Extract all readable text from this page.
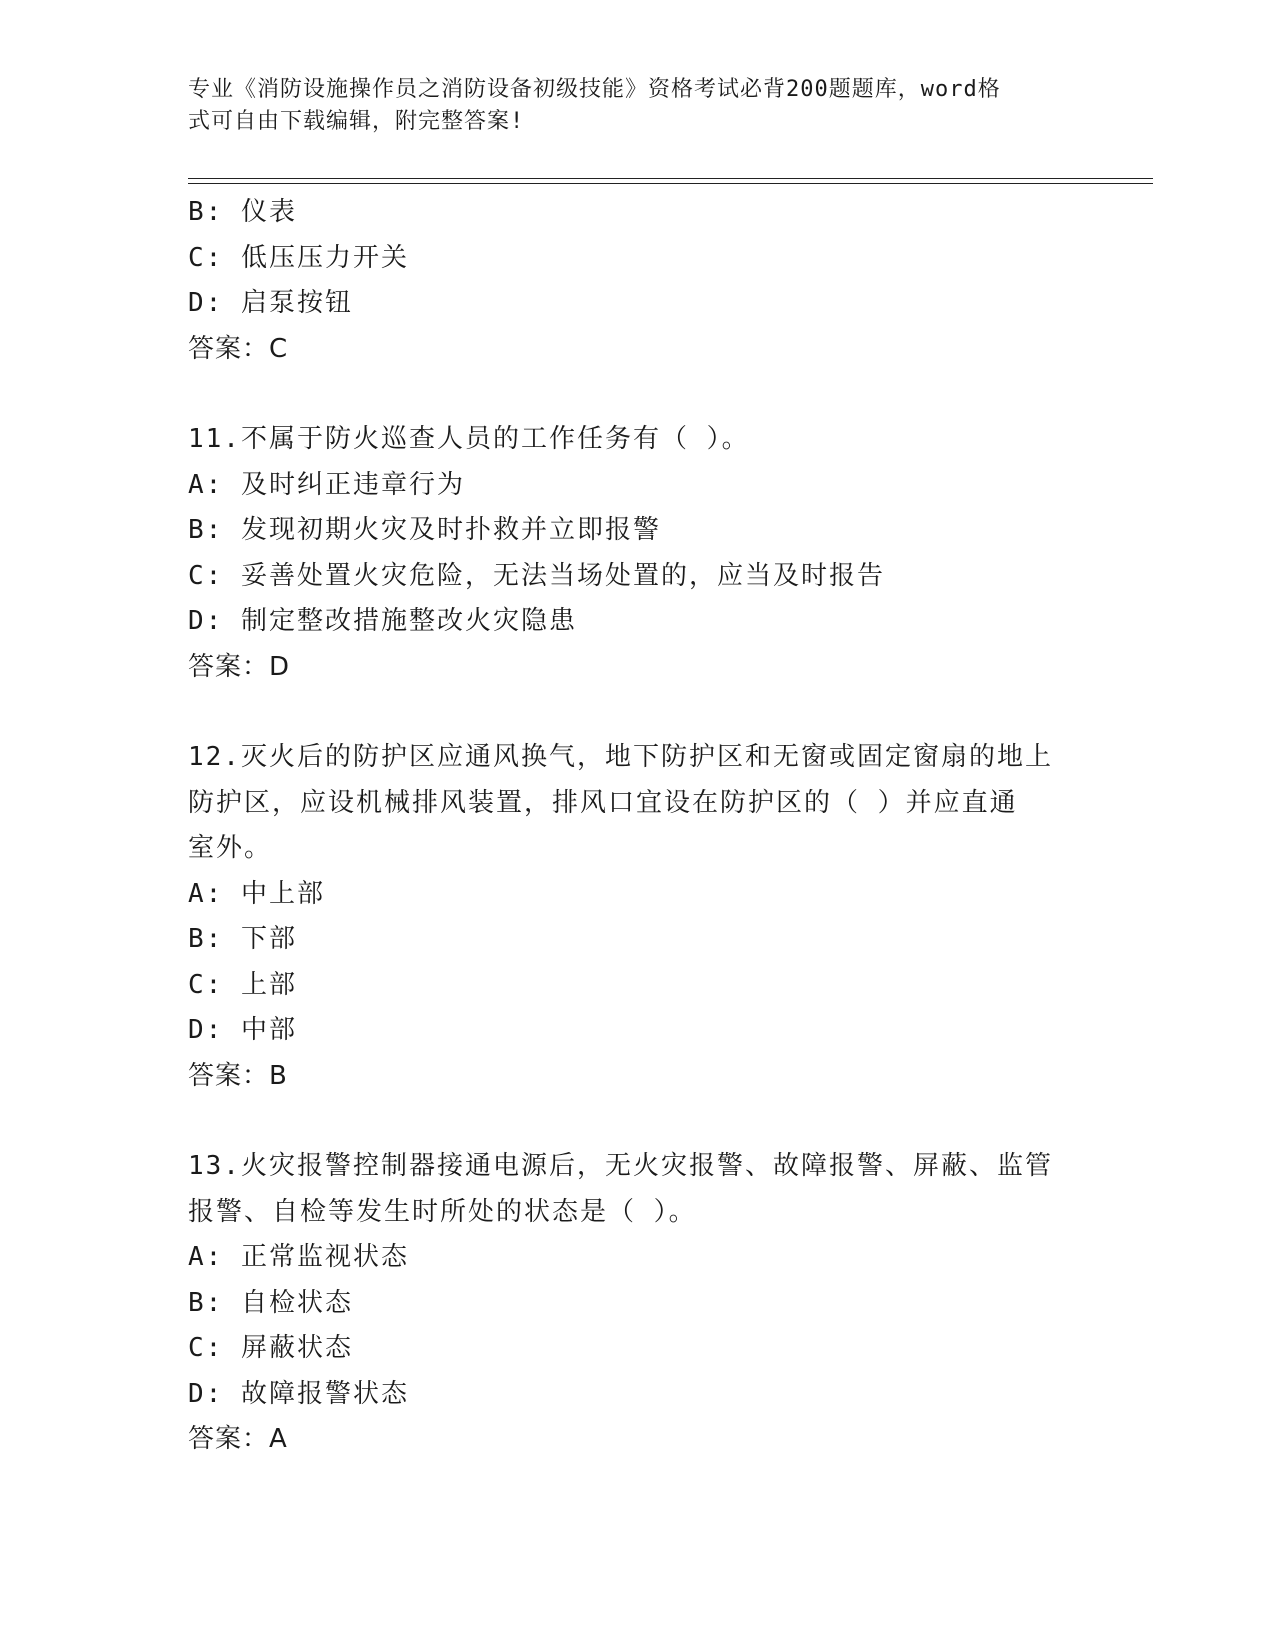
专业《消防设施操作员之消防设备初级技能》资格考试必背200题题库，word格
式可自由下载编辑，附完整答案!
B: 仪表
C: 低压压力开关
D: 启泵按钮
答案：C
11.不属于防火巡查人员的工作任务有（ ）。
A: 及时纠正违章行为
B: 发现初期火灾及时扑救并立即报警
C: 妥善处置火灾危险，无法当场处置的，应当及时报告
D: 制定整改措施整改火灾隐患
答案：D
12.灭火后的防护区应通风换气，地下防护区和无窗或固定窗扇的地上
防护区，应设机械排风装置，排风口宜设在防护区的（ ）并应直通
室外。
A: 中上部
B: 下部
C: 上部
D: 中部
答案：B
13.火灾报警控制器接通电源后，无火灾报警、故障报警、屏蔽、监管
报警、自检等发生时所处的状态是（ ）。
A: 正常监视状态
B: 自检状态
C: 屏蔽状态
D: 故障报警状态
答案：A
